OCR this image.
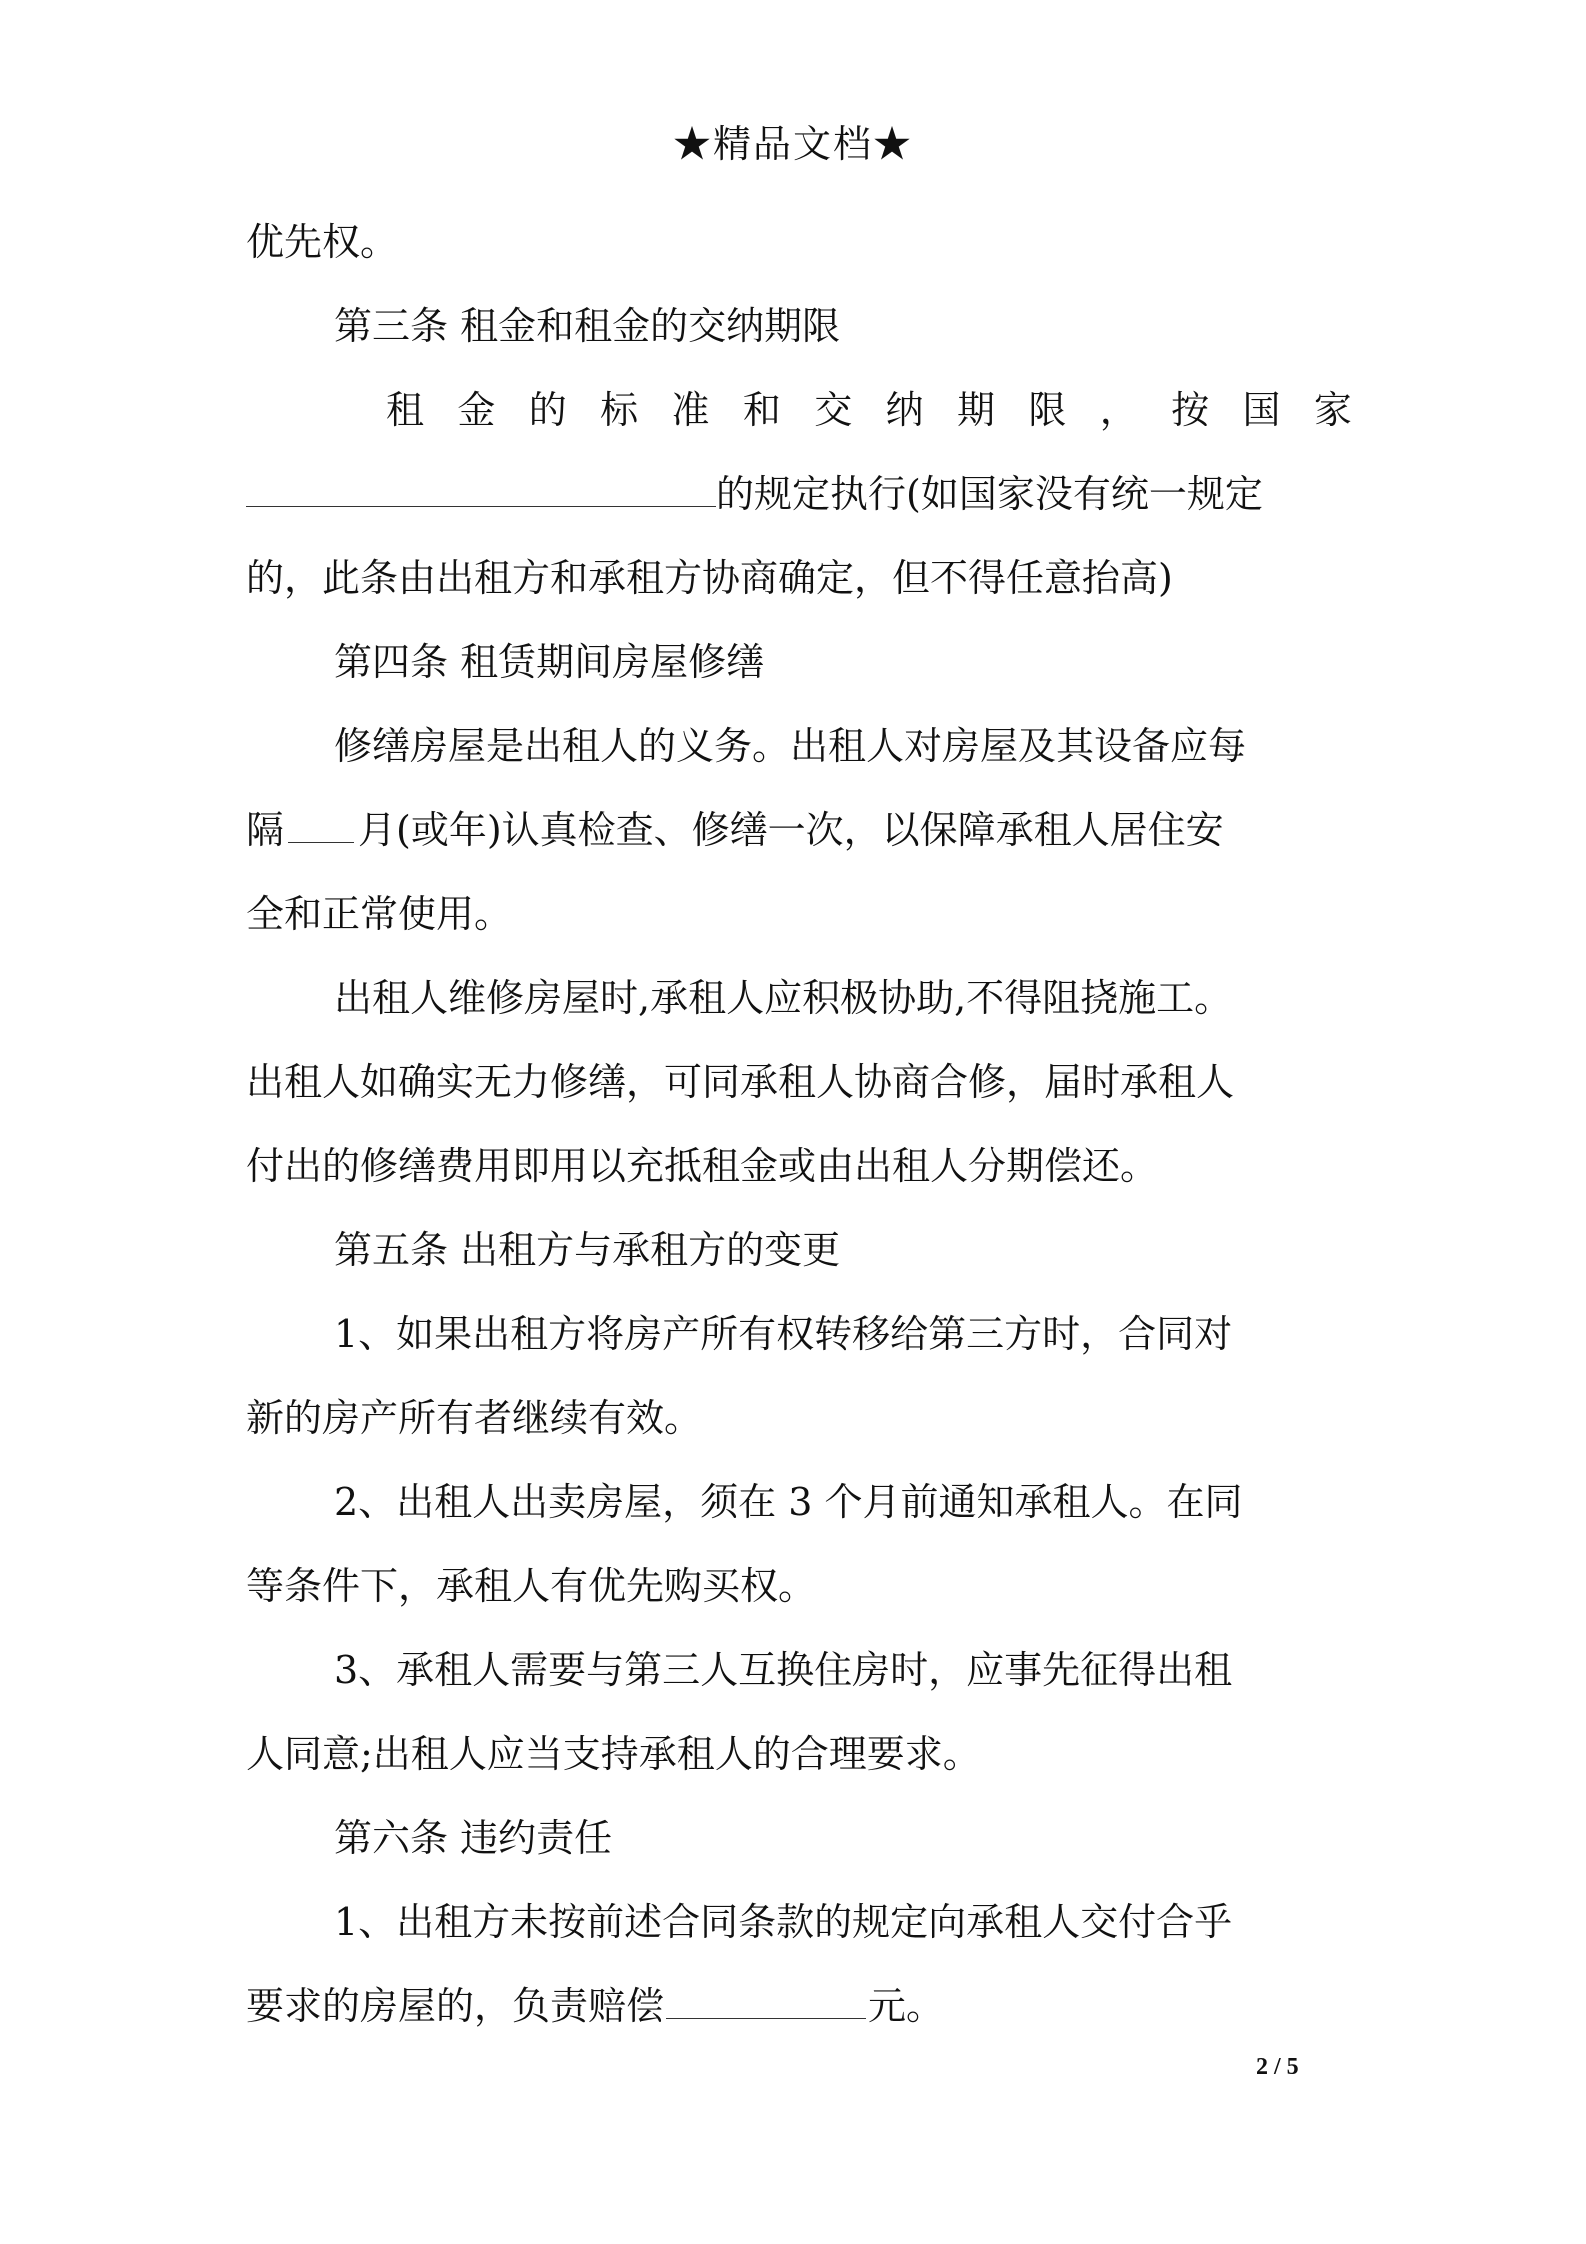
★精品文档★
优先权。
第三条 租金和租金的交纳期限
租 金 的 标 准 和 交 纳 期 限 ， 按 国 家
的规定执行(如国家没有统一规定
的，此条由出租方和承租方协商确定，但不得任意抬高)
第四条 租赁期间房屋修缮
修缮房屋是出租人的义务。出租人对房屋及其设备应每
隔 月(或年)认真检查、修缮一次，以保障承租人居住安
全和正常使用。
出租人维修房屋时,承租人应积极协助,不得阻挠施工。
出租人如确实无力修缮，可同承租人协商合修，届时承租人
付出的修缮费用即用以充抵租金或由出租人分期偿还。
第五条 出租方与承租方的变更
1、如果出租方将房产所有权转移给第三方时，合同对
新的房产所有者继续有效。
2、出租人出卖房屋，须在 3 个月前通知承租人。在同
等条件下，承租人有优先购买权。
3、承租人需要与第三人互换住房时，应事先征得出租
人同意;出租人应当支持承租人的合理要求。
第六条 违约责任
1、出租方未按前述合同条款的规定向承租人交付合乎
要求的房屋的，负责赔偿	元。
2 / 5
